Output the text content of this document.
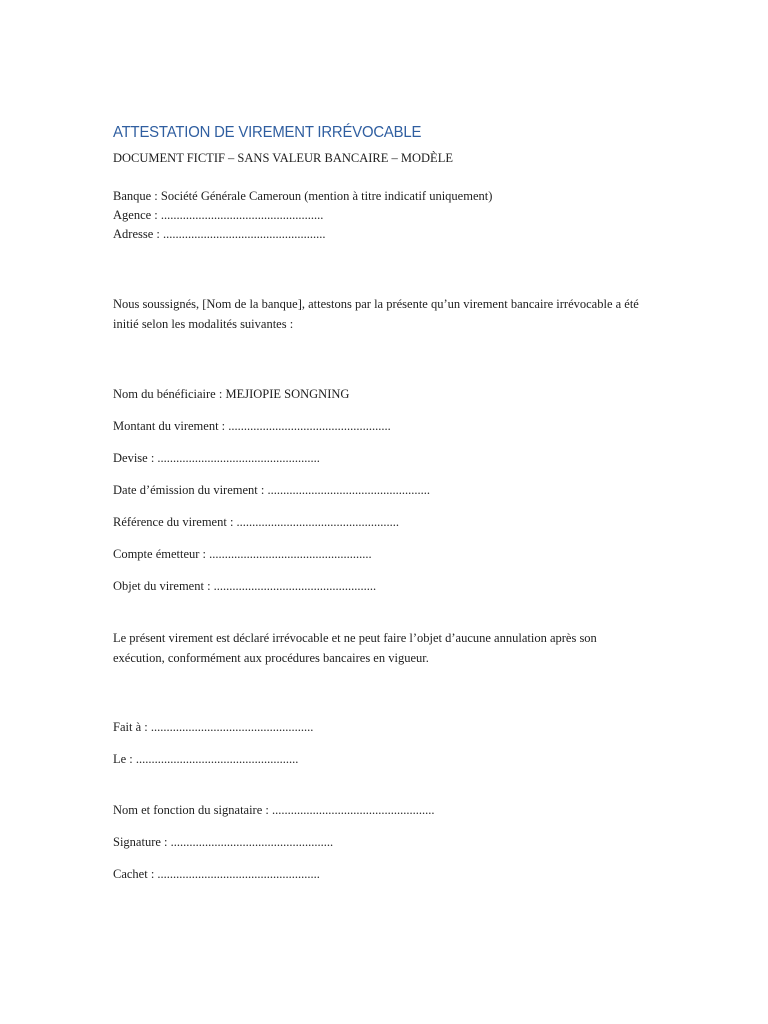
ATTESTATION DE VIREMENT IRRÉVOCABLE

DOCUMENT FICTIF – SANS VALEUR BANCAIRE – MODÈLE

Banque : Société Générale Cameroun (mention à titre indicatif uniquement)

Agence : ....................................................

Adresse : ....................................................

Nous soussignés, [Nom de la banque], attestons par la présente qu’un virement bancaire irrévocable a été initié selon les modalités suivantes :

Nom du bénéficiaire : MEJIOPIE SONGNING

Montant du virement : ....................................................

Devise : ....................................................

Date d’émission du virement : ....................................................

Référence du virement : ....................................................

Compte émetteur : ....................................................

Objet du virement : ....................................................

Le présent virement est déclaré irrévocable et ne peut faire l’objet d’aucune annulation après son exécution, conformément aux procédures bancaires en vigueur.

Fait à : ....................................................

Le : ....................................................

Nom et fonction du signataire : ....................................................

Signature : ....................................................

Cachet : ....................................................
